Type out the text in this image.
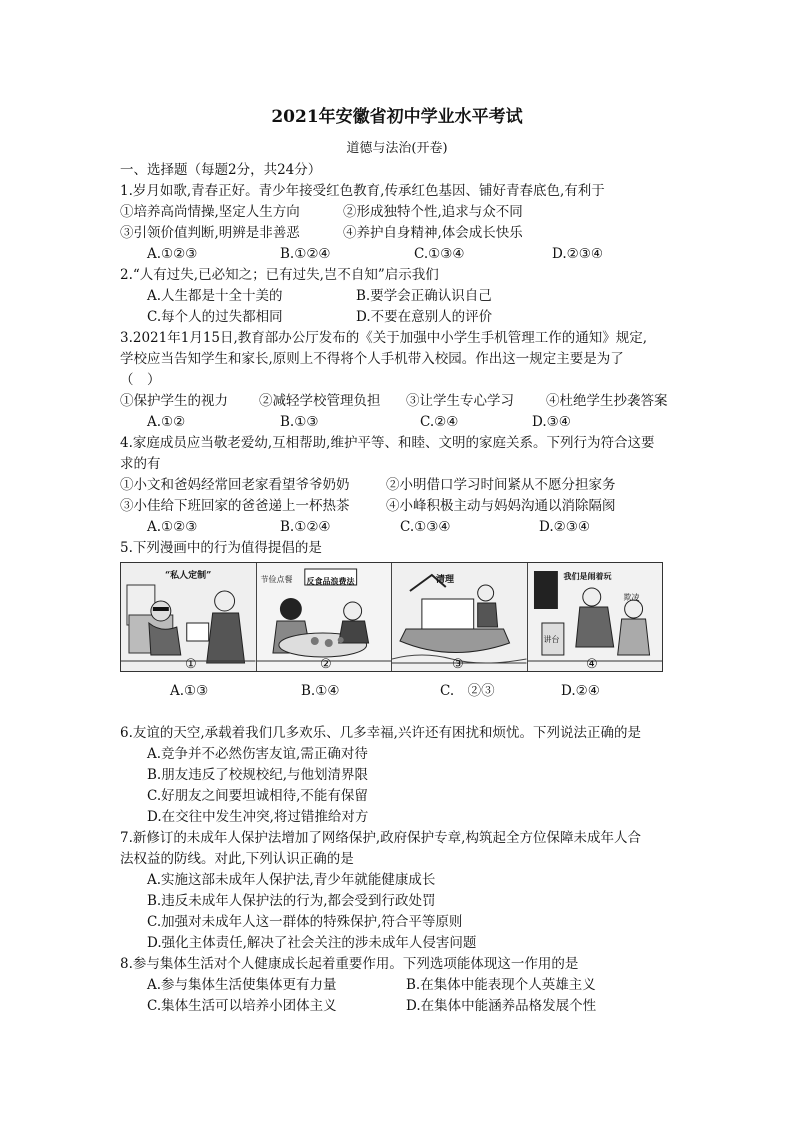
2021年安徽省初中学业水平考试
道德与法治(开卷)
一、选择题（每题2分，共24分）
1.岁月如歌,青春正好。青少年接受红色教育,传承红色基因、铺好青春底色,有利于
①培养高尚情操,坚定人生方向	②形成独特个性,追求与众不同
③引领价值判断,明辨是非善恶	④养护自身精神,体会成长快乐
A.①②③	B.①②④	C.①③④	D.②③④
2.“人有过失,已必知之；已有过失,岂不自知”启示我们
A.人生都是十全十美的	B.要学会正确认识自己
C.每个人的过失都相同	D.不要在意别人的评价
3.2021年1月15日,教育部办公厅发布的《关于加强中小学生手机管理工作的通知》规定,
学校应当告知学生和家长,原则上不得将个人手机带入校园。作出这一规定主要是为了
（　）
①保护学生的视力 ②减轻学校管理负担 ③让学生专心学习 ④杜绝学生抄袭答案
A.①②	B.①③	C.②④	D.③④
4.家庭成员应当敬老爱幼,互相帮助,维护平等、和睦、文明的家庭关系。下列行为符合这要
求的有
①小文和爸妈经常回老家看望爷爷奶奶	②小明借口学习时间紧从不愿分担家务
③小佳给下班回家的爸爸递上一杯热茶	④小峰积极主动与妈妈沟通以消除隔阂
A.①②③	B.①②④	C.①③④	D.②③④
5.下列漫画中的行为值得提倡的是
“私人定制”	节俭点餐 反食品浪费法	清理	我们是闹着玩
欺凌
讲台
①	②	③	④
A.①③	B.①④	C.　②③	D.②④
6.友谊的天空,承载着我们几多欢乐、几多幸福,兴许还有困扰和烦忧。下列说法正确的是
A.竞争并不必然伤害友谊,需正确对待
B.朋友违反了校规校纪,与他划清界限
C.好朋友之间要坦诚相待,不能有保留
D.在交往中发生冲突,将过错推给对方
7.新修订的未成年人保护法增加了网络保护,政府保护专章,构筑起全方位保障未成年人合
法权益的防线。对此,下列认识正确的是
A.实施这部未成年人保护法,青少年就能健康成长
B.违反未成年人保护法的行为,都会受到行政处罚
C.加强对未成年人这一群体的特殊保护,符合平等原则
D.强化主体责任,解决了社会关注的涉未成年人侵害问题
8.参与集体生活对个人健康成长起着重要作用。下列选项能体现这一作用的是
A.参与集体生活使集体更有力量	B.在集体中能表现个人英雄主义
C.集体生活可以培养小团体主义	D.在集体中能涵养品格发展个性
